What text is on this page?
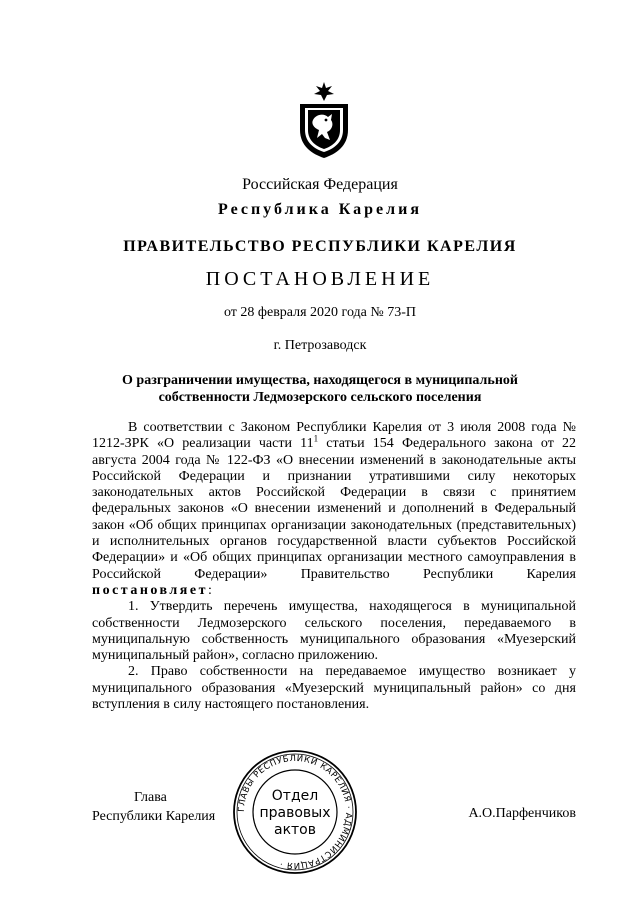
Российская Федерация
Республика Карелия
ПРАВИТЕЛЬСТВО РЕСПУБЛИКИ КАРЕЛИЯ
ПОСТАНОВЛЕНИЕ
от 28 февраля 2020 года № 73-П
г. Петрозаводск
О разграничении имущества, находящегося в муниципальной
собственности Ледмозерского сельского поселения

В соответствии с Законом Республики Карелия от 3 июля 2008 года № 1212-ЗРК «О реализации части $11^1$ статьи 154 Федерального закона от 22 августа 2004 года № 122-ФЗ «О внесении изменений в законодательные акты Российской Федерации и признании утратившими силу некоторых законодательных актов Российской Федерации в связи с принятием федеральных законов «О внесении изменений и дополнений в Федеральный закон «Об общих принципах организации законодательных (представительных) и исполнительных органов государственной власти субъектов Российской Федерации» и «Об общих принципах организации местного самоуправления в Российской Федерации» Правительство Республики Карелия постановляет:

1. Утвердить перечень имущества, находящегося в муниципальной собственности Ледмозерского сельского поселения, передаваемого в муниципальную собственность муниципального образования «Муезерский муниципальный район», согласно приложению.

2. Право собственности на передаваемое имущество возникает у муниципального образования «Муезерский муниципальный район» со дня вступления в силу настоящего постановления.

Глава
Республики Карелия	А.О.Парфенчиков
ГЛАВЫ РЕСПУБЛИКИ КАРЕЛИЯ · АДМИНИСТРАЦИЯ ·
Отдел
правовых
актов
